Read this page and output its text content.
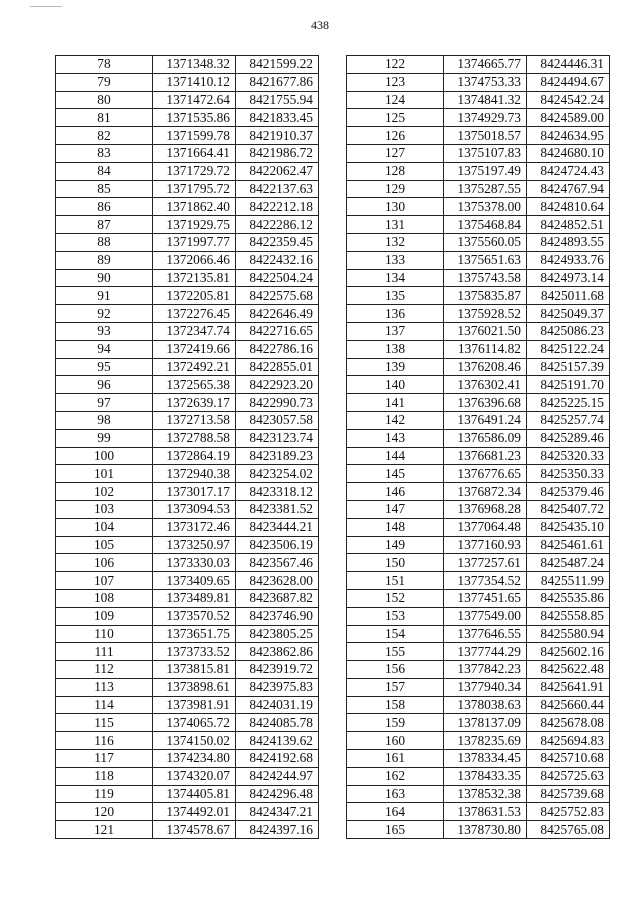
438
78	1371348.32	8421599.22
79	1371410.12	8421677.86
80	1371472.64	8421755.94
81	1371535.86	8421833.45
82	1371599.78	8421910.37
83	1371664.41	8421986.72
84	1371729.72	8422062.47
85	1371795.72	8422137.63
86	1371862.40	8422212.18
87	1371929.75	8422286.12
88	1371997.77	8422359.45
89	1372066.46	8422432.16
90	1372135.81	8422504.24
91	1372205.81	8422575.68
92	1372276.45	8422646.49
93	1372347.74	8422716.65
94	1372419.66	8422786.16
95	1372492.21	8422855.01
96	1372565.38	8422923.20
97	1372639.17	8422990.73
98	1372713.58	8423057.58
99	1372788.58	8423123.74
100	1372864.19	8423189.23
101	1372940.38	8423254.02
102	1373017.17	8423318.12
103	1373094.53	8423381.52
104	1373172.46	8423444.21
105	1373250.97	8423506.19
106	1373330.03	8423567.46
107	1373409.65	8423628.00
108	1373489.81	8423687.82
109	1373570.52	8423746.90
110	1373651.75	8423805.25
111	1373733.52	8423862.86
112	1373815.81	8423919.72
113	1373898.61	8423975.83
114	1373981.91	8424031.19
115	1374065.72	8424085.78
116	1374150.02	8424139.62
117	1374234.80	8424192.68
118	1374320.07	8424244.97
119	1374405.81	8424296.48
120	1374492.01	8424347.21
121	1374578.67	8424397.16
122	1374665.77	8424446.31
123	1374753.33	8424494.67
124	1374841.32	8424542.24
125	1374929.73	8424589.00
126	1375018.57	8424634.95
127	1375107.83	8424680.10
128	1375197.49	8424724.43
129	1375287.55	8424767.94
130	1375378.00	8424810.64
131	1375468.84	8424852.51
132	1375560.05	8424893.55
133	1375651.63	8424933.76
134	1375743.58	8424973.14
135	1375835.87	8425011.68
136	1375928.52	8425049.37
137	1376021.50	8425086.23
138	1376114.82	8425122.24
139	1376208.46	8425157.39
140	1376302.41	8425191.70
141	1376396.68	8425225.15
142	1376491.24	8425257.74
143	1376586.09	8425289.46
144	1376681.23	8425320.33
145	1376776.65	8425350.33
146	1376872.34	8425379.46
147	1376968.28	8425407.72
148	1377064.48	8425435.10
149	1377160.93	8425461.61
150	1377257.61	8425487.24
151	1377354.52	8425511.99
152	1377451.65	8425535.86
153	1377549.00	8425558.85
154	1377646.55	8425580.94
155	1377744.29	8425602.16
156	1377842.23	8425622.48
157	1377940.34	8425641.91
158	1378038.63	8425660.44
159	1378137.09	8425678.08
160	1378235.69	8425694.83
161	1378334.45	8425710.68
162	1378433.35	8425725.63
163	1378532.38	8425739.68
164	1378631.53	8425752.83
165	1378730.80	8425765.08
